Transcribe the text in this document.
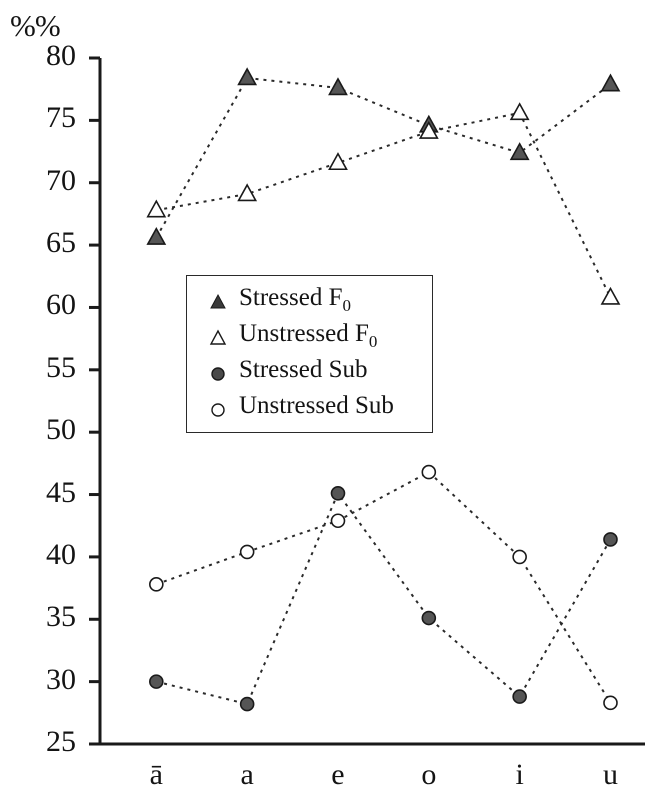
%%
25
30
35
40
45
50
55
60
65
70
75
80
ā	a	e	o	i	u
Stressed $F_0$
Unstressed $F_0$
Stressed Sub
Unstressed Sub
